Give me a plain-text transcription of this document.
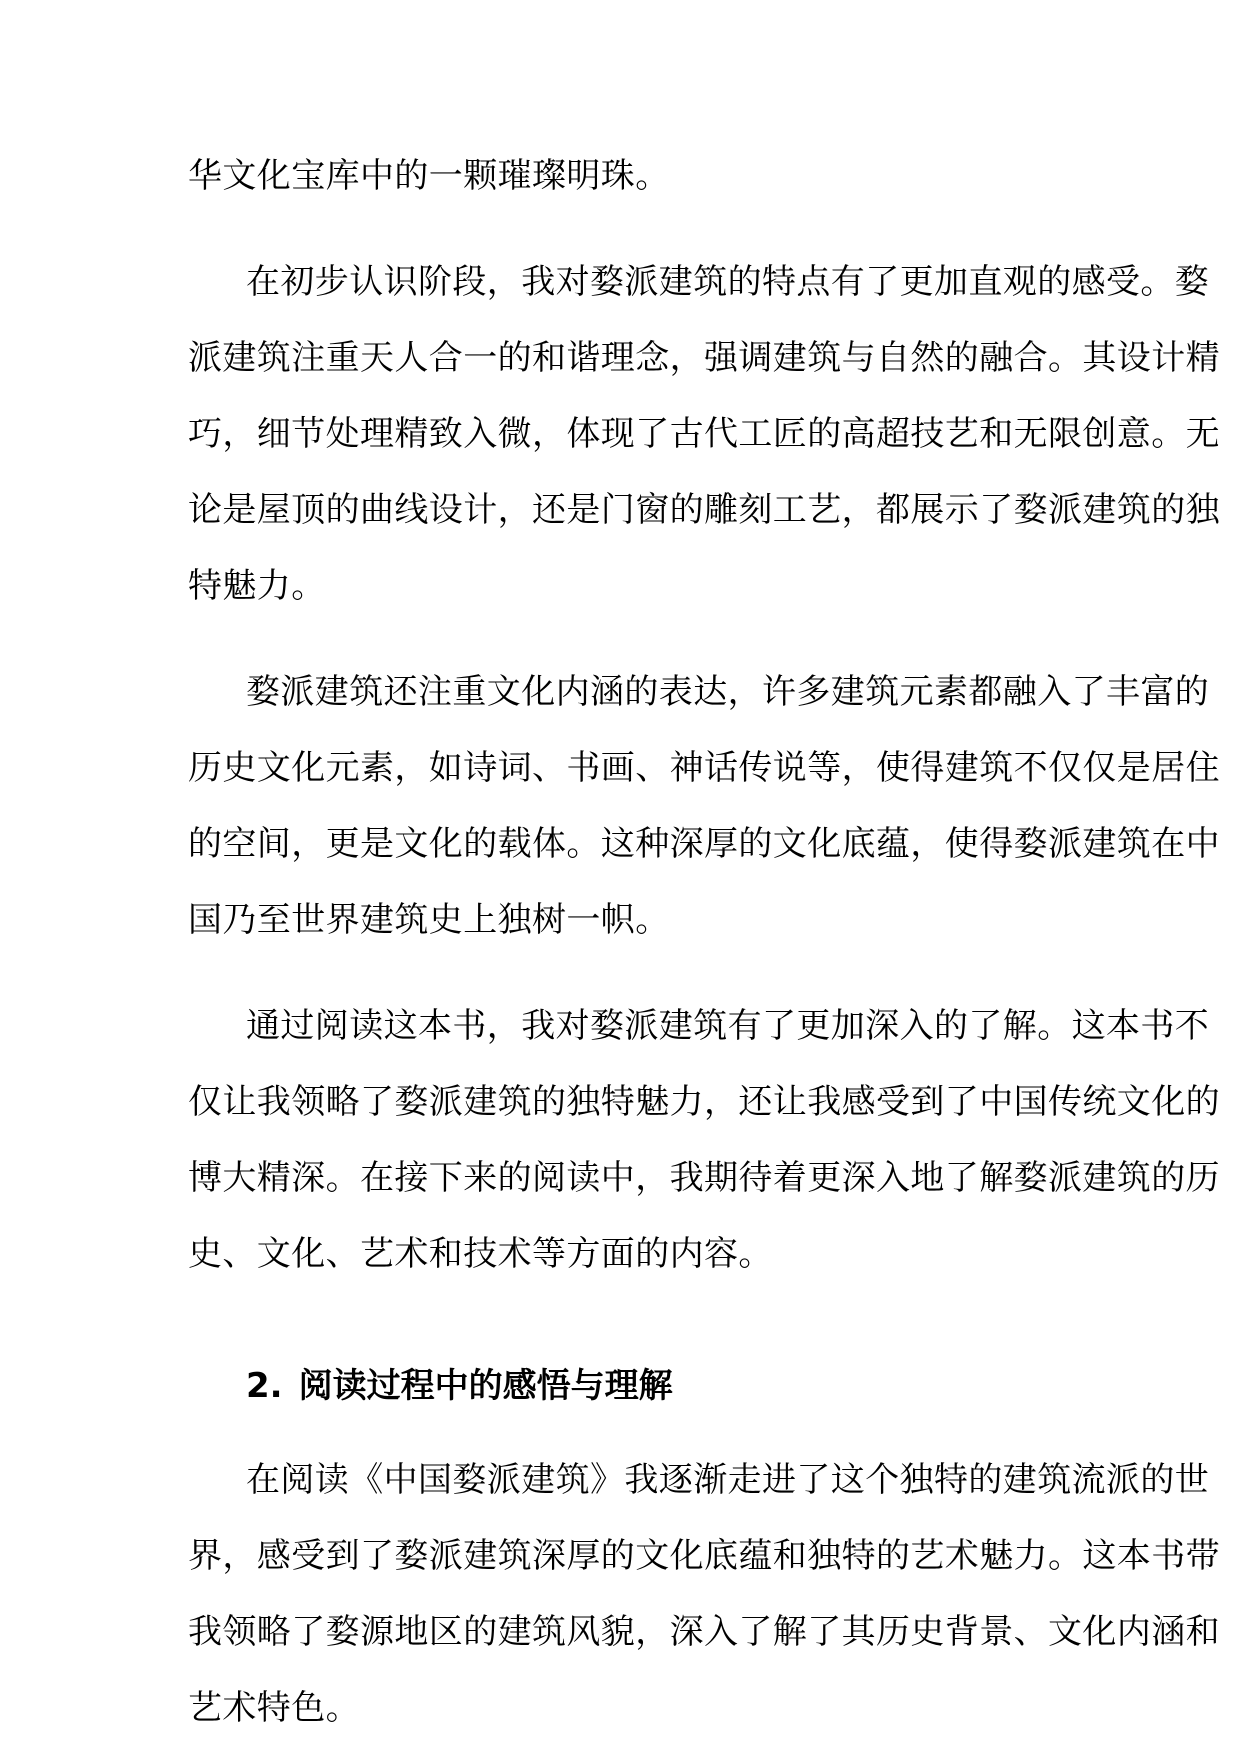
华文化宝库中的一颗璀璨明珠。
在初步认识阶段，我对婺派建筑的特点有了更加直观的感受。婺
派建筑注重天人合一的和谐理念，强调建筑与自然的融合。其设计精
巧，细节处理精致入微，体现了古代工匠的高超技艺和无限创意。无
论是屋顶的曲线设计，还是门窗的雕刻工艺，都展示了婺派建筑的独
特魅力。
婺派建筑还注重文化内涵的表达，许多建筑元素都融入了丰富的
历史文化元素，如诗词、书画、神话传说等，使得建筑不仅仅是居住
的空间，更是文化的载体。这种深厚的文化底蕴，使得婺派建筑在中
国乃至世界建筑史上独树一帜。
通过阅读这本书，我对婺派建筑有了更加深入的了解。这本书不
仅让我领略了婺派建筑的独特魅力，还让我感受到了中国传统文化的
博大精深。在接下来的阅读中，我期待着更深入地了解婺派建筑的历
史、文化、艺术和技术等方面的内容。
2. 阅读过程中的感悟与理解
在阅读《中国婺派建筑》我逐渐走进了这个独特的建筑流派的世
界，感受到了婺派建筑深厚的文化底蕴和独特的艺术魅力。这本书带
我领略了婺源地区的建筑风貌，深入了解了其历史背景、文化内涵和
艺术特色。
